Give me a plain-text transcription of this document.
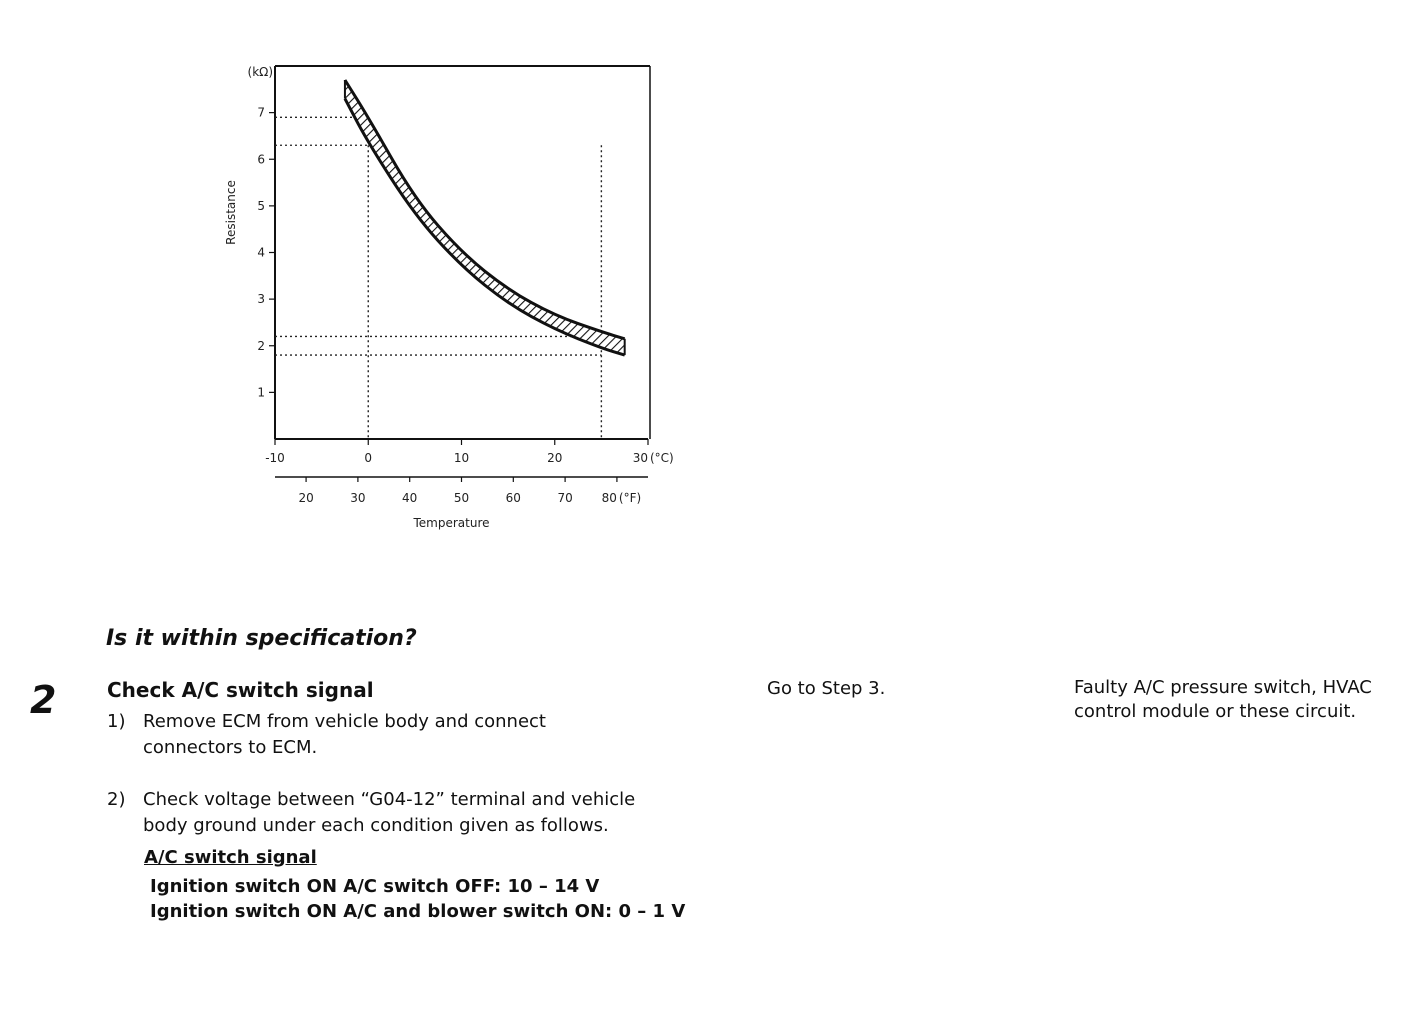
1
2
3
4
5
6
7
(kΩ)
Resistance
-10	0	10	20	30 (°C)
20	30	40	50	60	70 80 (°F)
Temperature
Is it within specification?
2	Check A/C switch signal
1) Remove ECM from vehicle body and connect
connectors to ECM.
2) Check voltage between “G04-12” terminal and vehicle
body ground under each condition given as follows.
A/C switch signal
Ignition switch ON A/C switch OFF: 10 – 14 V
Ignition switch ON A/C and blower switch ON: 0 – 1 V
Go to Step 3.	Faulty A/C pressure switch, HVAC control module or these circuit.
